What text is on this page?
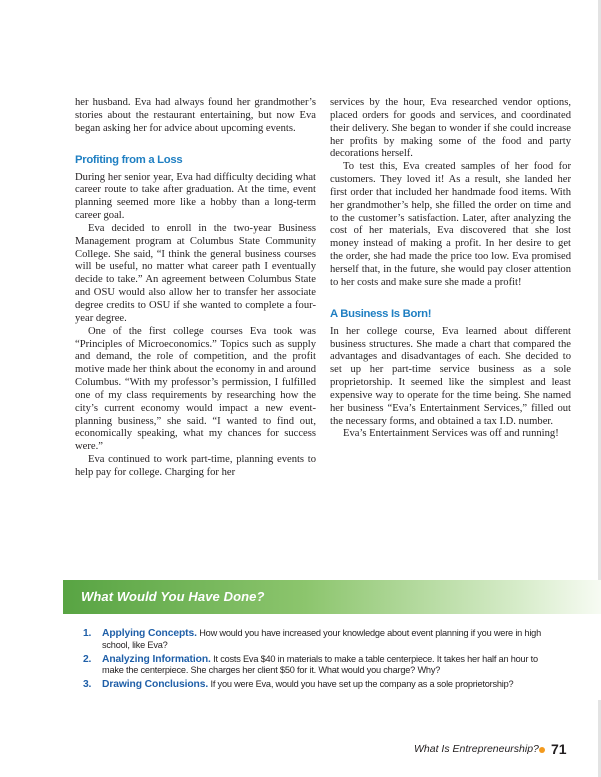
her husband. Eva had always found her grandmother’s stories about the restaurant entertaining, but now Eva began asking her for advice about upcoming events.

Profiting from a Loss

During her senior year, Eva had difficulty deciding what career route to take after graduation. At the time, event planning seemed more like a hobby than a long-term career goal.

Eva decided to enroll in the two-year Business Management program at Columbus State Community College. She said, “I think the general business courses will be useful, no matter what career path I eventually decide to take.” An agreement between Columbus State and OSU would also allow her to transfer her associate degree credits to OSU if she wanted to complete a four-year degree.

One of the first college courses Eva took was “Principles of Microeconomics.” Topics such as supply and demand, the role of competition, and the profit motive made her think about the economy in and around Columbus. “With my professor’s permission, I fulfilled one of my class requirements by researching how the city’s current economy would impact a new event-planning business,” she said. “I wanted to find out, economically speaking, what my chances for success were.”

Eva continued to work part-time, planning events to help pay for college. Charging for her

services by the hour, Eva researched vendor options, placed orders for goods and services, and coordinated their delivery. She began to wonder if she could increase her profits by making some of the food and party decorations herself.

To test this, Eva created samples of her food for customers. They loved it! As a result, she landed her first order that included her handmade food items. With her grandmother’s help, she filled the order on time and to the customer’s satisfaction. Later, after analyzing the cost of her materials, Eva discovered that she lost money instead of making a profit. In her desire to get the order, she had made the price too low. Eva promised herself that, in the future, she would pay closer attention to her costs and make sure she made a profit!

A Business Is Born!

In her college course, Eva learned about different business structures. She made a chart that compared the advantages and disadvantages of each. She decided to set up her part-time service business as a sole proprietorship. It seemed like the simplest and least expensive way to operate for the time being. She named her business “Eva’s Entertainment Services,” filled out the necessary forms, and obtained a tax I.D. number.

Eva’s Entertainment Services was off and running!

What Would You Have Done?
1. Applying Concepts. How would you have increased your knowledge about event planning if you were in high school, like Eva?
2. Analyzing Information. It costs Eva $40 in materials to make a table centerpiece. It takes her half an hour to make the centerpiece. She charges her client $50 for it. What would you charge? Why?
3. Drawing Conclusions. If you were Eva, would you have set up the company as a sole proprietorship?
What Is Entrepreneurship? 71
